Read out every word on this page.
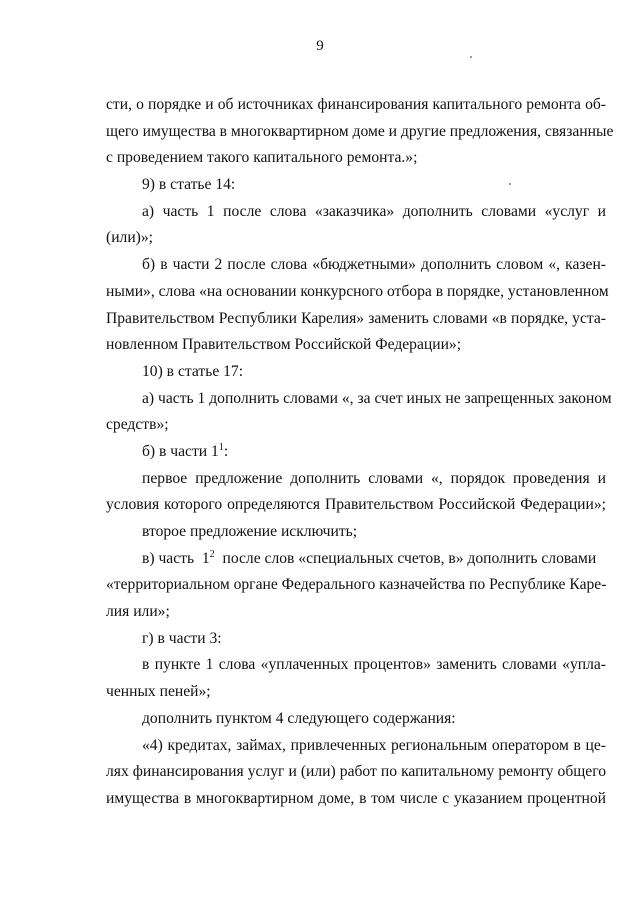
9
сти, о порядке и об источниках финансирования капитального ремонта об-
щего имущества в многоквартирном доме и другие предложения, связанные
с проведением такого капитального ремонта.»;
9) в статье 14:
а) часть 1 после слова «заказчика» дополнить словами «услуг и
(или)»;
б) в части 2 после слова «бюджетными» дополнить словом «, казен-
ными», слова «на основании конкурсного отбора в порядке, установленном
Правительством Республики Карелия» заменить словами «в порядке, уста-
новленном Правительством Российской Федерации»;
10) в статье 17:
а) часть 1 дополнить словами «, за счет иных не запрещенных законом
средств»;
б) в части $1^1$:
первое предложение дополнить словами «, порядок проведения и
условия которого определяются Правительством Российской Федерации»;
второе предложение исключить;
в) часть  $1^2$  после слов «специальных счетов, в» дополнить словами
«территориальном органе Федерального казначейства по Республике Каре-
лия или»;
г) в части 3:
в пункте 1 слова «уплаченных процентов» заменить словами «упла-
ченных пеней»;
дополнить пунктом 4 следующего содержания:
«4) кредитах, займах, привлеченных региональным оператором в це-
лях финансирования услуг и (или) работ по капитальному ремонту общего
имущества в многоквартирном доме, в том числе с указанием процентной
